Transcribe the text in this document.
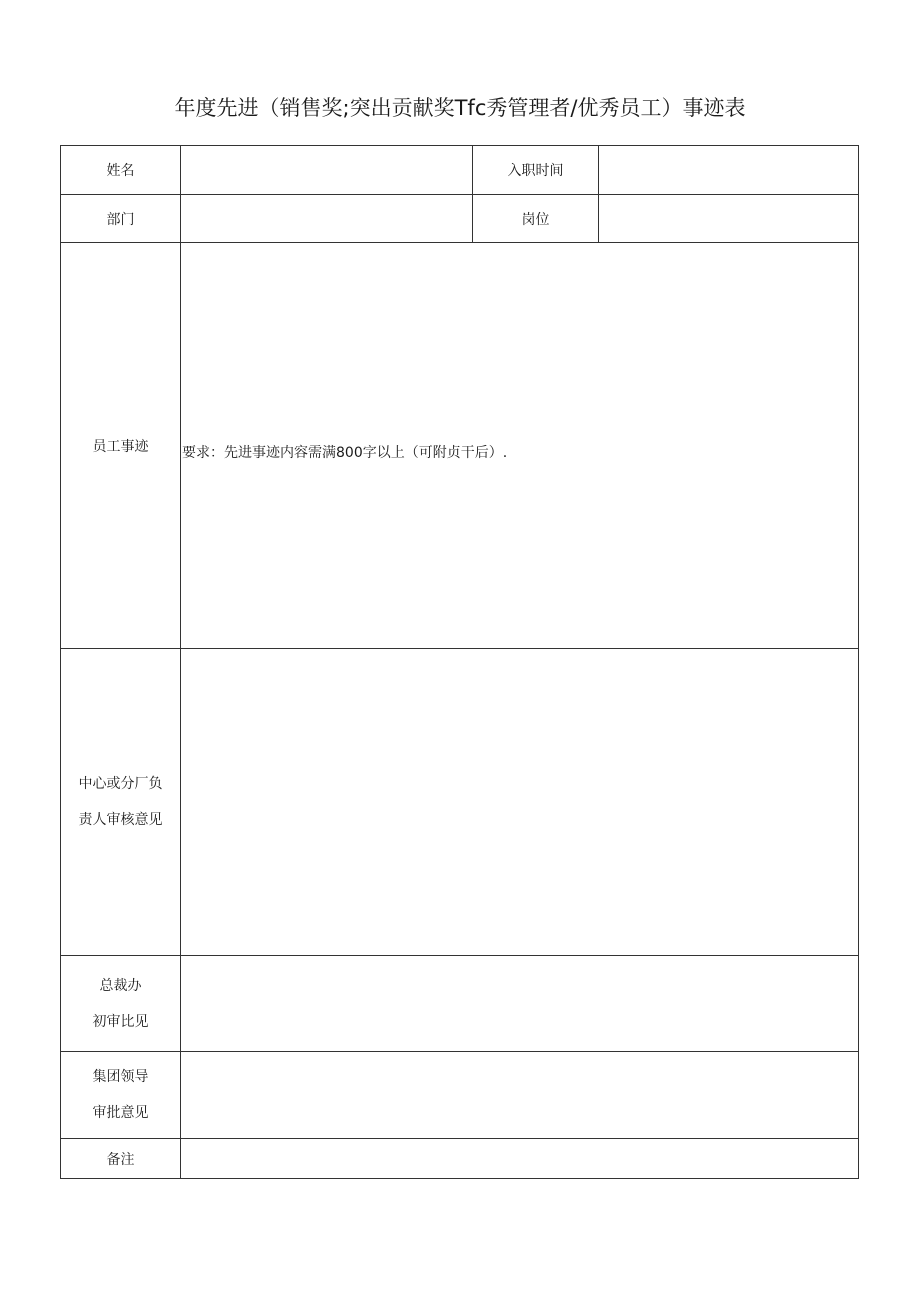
年度先进（销售奖;突出贡献奖Tfc秀管理者/优秀员工）事迹表
姓名		入职时间	
部门		岗位	
员工事迹	要求：先进事迹内容需满800字以上（可附贞干后）.		

中心或分厂负
责人审核意见			

总裁办
初审比见			

集团领导
审批意见			

备注			
